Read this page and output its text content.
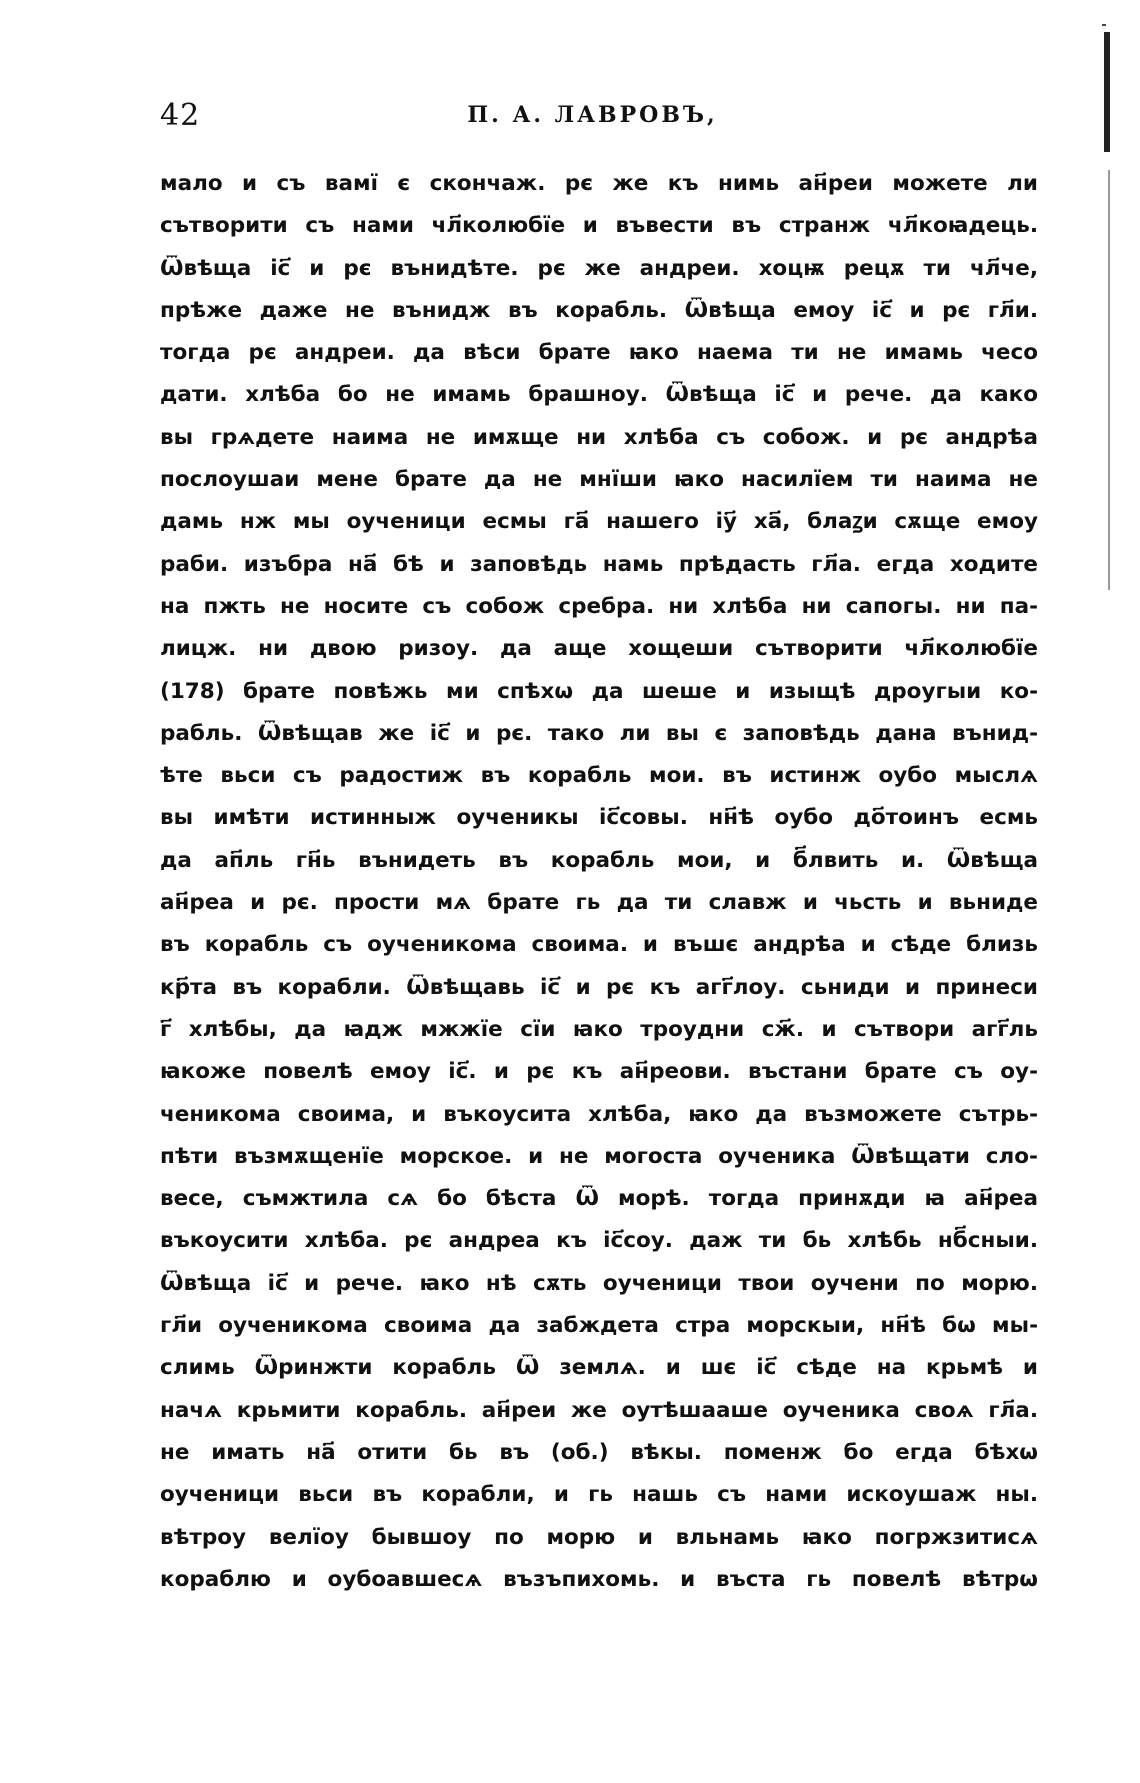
42	П. А. ЛАВРОВЪ,
мало и съ вамї є скончаж. рє же къ нимь ан҃реи можете ли
сътворити съ нами чл҃колюбїе и въвести въ странж чл҃коꙗдець.
Ѿвѣща іс҃ и рє вънидѣте. рє же андреи. хоцѭ рецѫ ти чл҃че,
прѣже даже не вънидж въ корабль. Ѿвѣща емоу іс҃ и рє гл҃и.
тогда рє андреи. да вѣси брате ꙗко наема ти не имамь чесо
дати. хлѣба бо не имамь брашноу. Ѿвѣща іс҃ и рече. да како
вы грѧдете наима не имѫще ни хлѣба съ собож. и рє андрѣа
послоушаи мене брате да не мнїши ꙗко насилїем ти наима не
дамь нж мы оученици есмы га҃ нашего іу҃ ха҃, блаꙁи сѫще емоу
раби. изъбра на҃ бѣ и заповѣдь намь прѣдасть гл҃а. егда ходите
на пжть не носите съ собож сребра. ни хлѣба ни сапогы. ни па-
лицж. ни двою ризоу. да аще хощеши сътворити чл҃колюбїе
(178) брате повѣжь ми спѣхѡ да шеше и изыщѣ дроугыи ко-
рабль. Ѿвѣщав же іс҃ и рє. тако ли вы є заповѣдь дана вънид-
ѣте вьси съ радостиж въ корабль мои. въ истинж оубо мыслѧ
вы имѣти истинныж оученикы іс҃совы. нн҃ѣ оубо до҃тоинъ есмь
да ап҃ль гн҃ь вънидеть въ корабль мои, и б҃лвить и. Ѿвѣща
ан҃реа и рє. прости мѧ брате гь да ти славж и чьсть и вьниде
въ корабль съ оученикома своима. и въшє андрѣа и сѣде близь
кр҃та въ корабли. Ѿвѣщавь іс҃ и рє къ агг҃лоу. сьниди и принеси
г҃ хлѣбы, да ꙗдж мжжїе сїи ꙗко троудни сж҃. и сътвори агг҃ль
ꙗкоже повелѣ емоу іс҃. и рє къ ан҃реови. въстани брате съ оу-
ченикома своима, и въкоусита хлѣба, ꙗко да възможете сътрь-
пѣти възмѫщенїе морское. и не могоста оученика Ѿвѣщати сло-
весе, съмжтила сѧ бо бѣста Ѿ морѣ. тогда принѫди ꙗ ан҃реа
въкоусити хлѣба. рє андреа къ іс҃соу. даж ти бь хлѣбь нб҃сныи.
Ѿвѣща іс҃ и рече. ꙗко нѣ сѫть оученици твои оучени по морю.
гл҃и оученикома своима да забждета стра морскыи, нн҃ѣ бѡ мы-
слимь Ѿринжти корабль Ѿ землѧ. и шє іс҃ сѣде на крьмѣ и
начѧ крьмити корабль. ан҃реи же оутѣшааше оученика своѧ гл҃а.
не имать на҃ отити бь въ (об.) вѣкы. поменж бо егда бѣхѡ
оученици вьси въ корабли, и гь нашь съ нами искоушаж ны.
вѣтроу велїоу бывшоу по морю и вльнамь ꙗко погржзитисѧ
кораблю и оубоавшесѧ възъпихомь. и въста гь повелѣ вѣтрѡ
